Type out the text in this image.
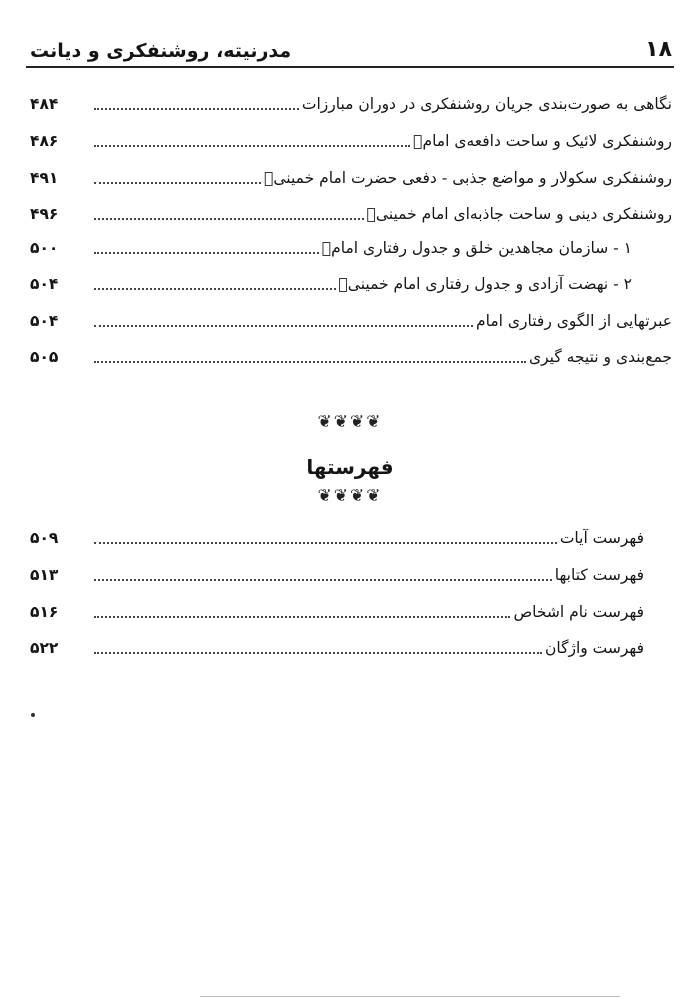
مدرنیته، روشنفکری و دیانت	۱۸
نگاهی به صورت‌بندی جریان روشنفکری در دوران مبارزات
۴۸۴
روشنفکری لائیک و ساحت دافعه‌ی امامؒ
۴۸۶
روشنفکری سکولار و مواضع جذبی - دفعی حضرت امام خمینیؒ
۴۹۱
روشنفکری دینی و ساحت جاذبه‌ای امام خمینیؒ
۴۹۶
۱ - سازمان مجاهدین خلق و جدول رفتاری امامؒ
۵۰۰
۲ - نهضت آزادی و جدول رفتاری امام خمینیؒ
۵۰۴
عبرتهایی از الگوی رفتاری امام
۵۰۴
جمع‌بندی و نتیجه گیری
۵۰۵
❦❦❦❦
فهرستها
❦❦❦❦
فهرست آیات
۵۰۹
فهرست کتابها
۵۱۳
فهرست نام اشخاص
۵۱۶
فهرست واژگان
۵۲۲
